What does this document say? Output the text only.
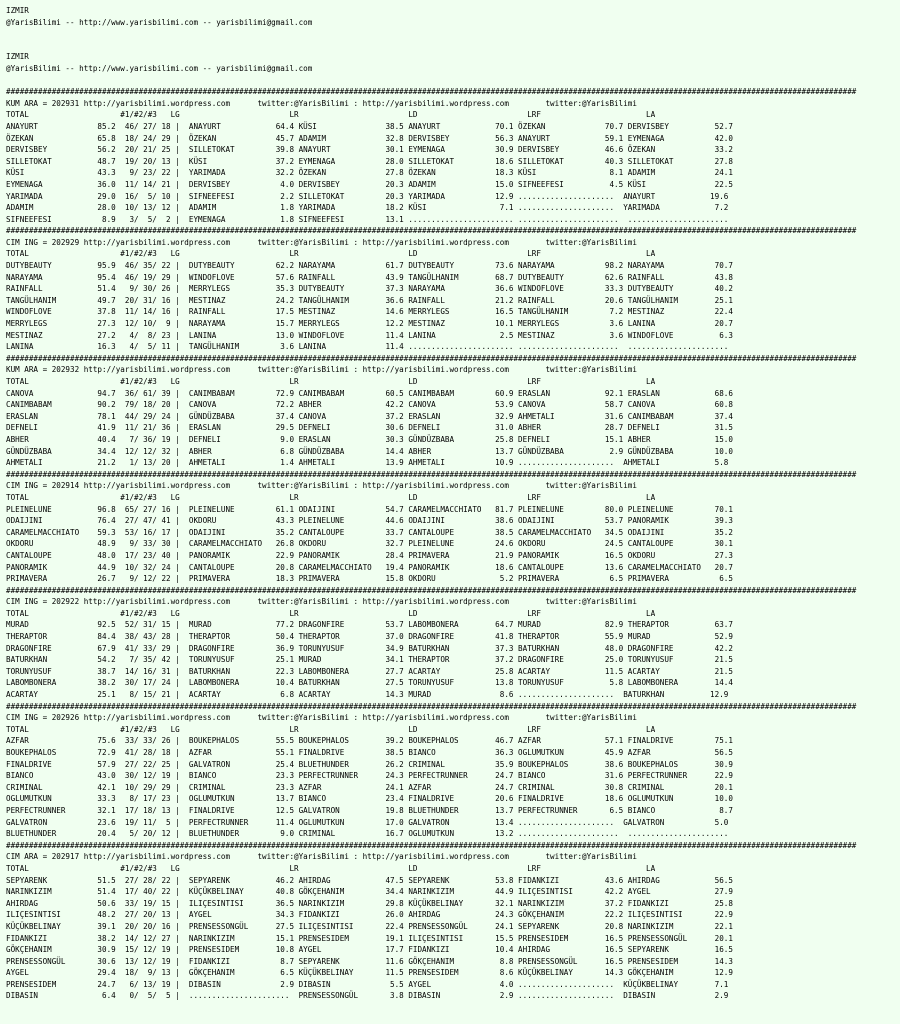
IZMIR
@YarisBilimi -- http://www.yarisbilimi.com -- yarisbilimi@gmail.com
IZMIR
@YarisBilimi -- http://www.yarisbilimi.com -- yarisbilimi@gmail.com
##########################################################################################################################################################################################
KUM ARA = 202931 http://yarisbilimi.wordpress.com      twitter:@YarisBilimi : http://yarisbilimi.wordpress.com        twitter:@YarisBilimi
TOTAL                    #1/#2/#3   LG                        LR                        LD                        LRF                       LA
ANAYURT             85.2  46/ 27/ 18 |  ANAYURT            64.4 KÜSI               38.5 ANAYURT            70.1 ÖZEKAN             70.7 DERVISBEY          52.7
ÖZEKAN              65.8  18/ 24/ 29 |  ÖZEKAN             45.7 ADAMIM             32.8 DERVISBEY          56.3 ANAYURT            59.1 EYMENAGA           42.0
DERVISBEY           56.2  20/ 21/ 25 |  SILLETOKAT         39.8 ANAYURT            30.1 EYMENAGA           30.9 DERVISBEY          46.6 ÖZEKAN             33.2
SILLETOKAT          48.7  19/ 20/ 13 |  KÜSI               37.2 EYMENAGA           28.0 SILLETOKAT         18.6 SILLETOKAT         40.3 SILLETOKAT         27.8
KÜSI                43.3   9/ 23/ 22 |  YARIMADA           32.2 ÖZEKAN             27.8 ÖZEKAN             18.3 KÜSI                8.1 ADAMIM             24.1
EYMENAGA            36.0  11/ 14/ 21 |  DERVISBEY           4.0 DERVISBEY          20.3 ADAMIM             15.0 SIFNEEFESI          4.5 KÜSI               22.5
YARIMADA            29.0  16/  5/ 10 |  SIFNEEFESI          2.2 SILLETOKAT         20.3 YARIMADA           12.9 .....................  ANAYURT            19.6
ADAMIM              28.0  10/ 13/ 12 |  ADAMIM              1.8 YARIMADA           18.2 KÜSI                7.1 .....................  YARIMADA            7.2
SIFNEEFESI           8.9   3/  5/  2 |  EYMENAGA            1.8 SIFNEEFESI         13.1 ....................... ......................  ......................
##########################################################################################################################################################################################
CIM ING = 202929 http://yarisbilimi.wordpress.com      twitter:@YarisBilimi : http://yarisbilimi.wordpress.com        twitter:@YarisBilimi
TOTAL                    #1/#2/#3   LG                        LR                        LD                        LRF                       LA
DUTYBEAUTY          95.9  46/ 35/ 22 |  DUTYBEAUTY         62.2 NARAYAMA           61.7 DUTYBEAUTY         73.6 NARAYAMA           98.2 NARAYAMA           70.7
NARAYAMA            95.4  46/ 19/ 29 |  WINDOFLOVE         57.6 RAINFALL           43.9 TANGÜLHANIM        68.7 DUTYBEAUTY         62.6 RAINFALL           43.8
RAINFALL            51.4   9/ 30/ 26 |  MERRYLEGS          35.3 DUTYBEAUTY         37.3 NARAYAMA           36.6 WINDOFLOVE         33.3 DUTYBEAUTY         40.2
TANGÜLHANIM         49.7  20/ 31/ 16 |  MESTINAZ           24.2 TANGÜLHANIM        36.6 RAINFALL           21.2 RAINFALL           20.6 TANGÜLHANIM        25.1
WINDOFLOVE          37.8  11/ 14/ 16 |  RAINFALL           17.5 MESTINAZ           14.6 MERRYLEGS          16.5 TANGÜLHANIM         7.2 MESTINAZ           22.4
MERRYLEGS           27.3  12/ 10/  9 |  NARAYAMA           15.7 MERRYLEGS          12.2 MESTINAZ           10.1 MERRYLEGS           3.6 LANINA             20.7
MESTINAZ            27.2   4/  8/ 23 |  LANINA             13.0 WINDOFLOVE         11.4 LANINA              2.5 MESTINAZ            3.6 WINDOFLOVE          6.3
LANINA              16.3   4/  5/ 11 |  TANGÜLHANIM         3.6 LANINA             11.4 ....................... ......................  ......................
##########################################################################################################################################################################################
KUM ARA = 202932 http://yarisbilimi.wordpress.com      twitter:@YarisBilimi : http://yarisbilimi.wordpress.com        twitter:@YarisBilimi
TOTAL                    #1/#2/#3   LG                        LR                        LD                        LRF                       LA
CANOVA              94.7  36/ 61/ 39 |  CANIMBABAM         72.9 CANIMBABAM         60.5 CANIMBABAM         60.9 ERASLAN            92.1 ERASLAN            68.6
CANIMBABAM          90.2  79/ 18/ 20 |  CANOVA             72.2 ABHER              42.2 CANOVA             53.9 CANOVA             58.7 CANOVA             60.8
ERASLAN             78.1  44/ 29/ 24 |  GÜNDÜZBABA         37.4 CANOVA             37.2 ERASLAN            32.9 AHMETALI           31.6 CANIMBABAM         37.4
DEFNELI             41.9  11/ 21/ 36 |  ERASLAN            29.5 DEFNELI            30.6 DEFNELI            31.0 ABHER              28.7 DEFNELI            31.5
ABHER               40.4   7/ 36/ 19 |  DEFNELI             9.0 ERASLAN            30.3 GÜNDÜZBABA         25.8 DEFNELI            15.1 ABHER              15.0
GÜNDÜZBABA          34.4  12/ 12/ 32 |  ABHER               6.8 GÜNDÜZBABA         14.4 ABHER              13.7 GÜNDÜZBABA          2.9 GÜNDÜZBABA         10.0
AHMETALI            21.2   1/ 13/ 20 |  AHMETALI            1.4 AHMETALI           13.9 AHMETALI           10.9 .....................  AHMETALI            5.8
##########################################################################################################################################################################################
CIM ING = 202914 http://yarisbilimi.wordpress.com      twitter:@YarisBilimi : http://yarisbilimi.wordpress.com        twitter:@YarisBilimi
TOTAL                    #1/#2/#3   LG                        LR                        LD                        LRF                       LA
PLEINELUNE          96.8  65/ 27/ 16 |  PLEINELUNE         61.1 ODAIJINI           54.7 CARAMELMACCHIATO   81.7 PLEINELUNE         80.0 PLEINELUNE         70.1
ODAIJINI            76.4  27/ 47/ 41 |  OKDORU             43.3 PLEINELUNE         44.6 ODAIJINI           38.6 ODAIJINI           53.7 PANORAMIK          39.3
CARAMELMACCHIATO    59.3  53/ 16/ 17 |  ODAIJINI           35.2 CANTALOUPE         33.7 CANTALOUPE         38.5 CARAMELMACCHIATO   34.5 ODAIJINI           35.2
OKDORU              48.9   9/ 33/ 30 |  CARAMELMACCHIATO   26.8 OKDORU             32.7 PLEINELUNE         24.6 OKDORU             24.5 CANTALOUPE         30.1
CANTALOUPE          48.0  17/ 23/ 40 |  PANORAMIK          22.9 PANORAMIK          28.4 PRIMAVERA          21.9 PANORAMIK          16.5 OKDORU             27.3
PANORAMIK           44.9  10/ 32/ 24 |  CANTALOUPE         20.8 CARAMELMACCHIATO   19.4 PANORAMIK          18.6 CANTALOUPE         13.6 CARAMELMACCHIATO   20.7
PRIMAVERA           26.7   9/ 12/ 22 |  PRIMAVERA          18.3 PRIMAVERA          15.8 OKDORU              5.2 PRIMAVERA           6.5 PRIMAVERA           6.5
##########################################################################################################################################################################################
CIM ING = 202922 http://yarisbilimi.wordpress.com      twitter:@YarisBilimi : http://yarisbilimi.wordpress.com        twitter:@YarisBilimi
TOTAL                    #1/#2/#3   LG                        LR                        LD                        LRF                       LA
MURAD               92.5  52/ 31/ 15 |  MURAD              77.2 DRAGONFIRE         53.7 LABOMBONERA        64.7 MURAD              82.9 THERAPTOR          63.7
THERAPTOR           84.4  38/ 43/ 28 |  THERAPTOR          50.4 THERAPTOR          37.0 DRAGONFIRE         41.8 THERAPTOR          55.9 MURAD              52.9
DRAGONFIRE          67.9  41/ 33/ 29 |  DRAGONFIRE         36.9 TORUNYUSUF         34.9 BATURKHAN          37.3 BATURKHAN          48.0 DRAGONFIRE         42.2
BATURKHAN           54.2   7/ 35/ 42 |  TORUNYUSUF         25.1 MURAD              34.1 THERAPTOR          37.2 DRAGONFIRE         25.0 TORUNYUSUF         21.5
TORUNYUSUF          38.7  14/ 16/ 31 |  BATURKHAN          22.3 LABOMBONERA        27.7 ACARTAY            25.8 ACARTAY            11.5 ACARTAY            21.5
LABOMBONERA         38.2  30/ 17/ 24 |  LABOMBONERA        10.4 BATURKHAN          27.5 TORUNYUSUF         13.8 TORUNYUSUF          5.8 LABOMBONERA        14.4
ACARTAY             25.1   8/ 15/ 21 |  ACARTAY             6.8 ACARTAY            14.3 MURAD               8.6 .....................  BATURKHAN          12.9
##########################################################################################################################################################################################
CIM ING = 202926 http://yarisbilimi.wordpress.com      twitter:@YarisBilimi : http://yarisbilimi.wordpress.com        twitter:@YarisBilimi
TOTAL                    #1/#2/#3   LG                        LR                        LD                        LRF                       LA
AZFAR               75.6  33/ 33/ 26 |  BOUKEPHALOS        55.5 BOUKEPHALOS        39.2 BOUKEPHALOS        46.7 AZFAR              57.1 FINALDRIVE         75.1
BOUKEPHALOS         72.9  41/ 28/ 18 |  AZFAR              55.1 FINALDRIVE         38.5 BIANCO             36.3 OGLUMUTKUN         45.9 AZFAR              56.5
FINALDRIVE          57.9  27/ 22/ 25 |  GALVATRON          25.4 BLUETHUNDER        26.2 CRIMINAL           35.9 BOUKEPHALOS        38.6 BOUKEPHALOS        30.9
BIANCO              43.0  30/ 12/ 19 |  BIANCO             23.3 PERFECTRUNNER      24.3 PERFECTRUNNER      24.7 BIANCO             31.6 PERFECTRUNNER      22.9
CRIMINAL            42.1  10/ 29/ 29 |  CRIMINAL           23.3 AZFAR              24.1 AZFAR              24.7 CRIMINAL           30.8 CRIMINAL           20.1
OGLUMUTKUN          33.3   8/ 17/ 23 |  OGLUMUTKUN         13.7 BIANCO             23.4 FINALDRIVE         20.6 FINALDRIVE         18.6 OGLUMUTKUN         10.0
PERFECTRUNNER       32.1  17/ 18/ 13 |  FINALDRIVE         12.5 GALVATRON          19.8 BLUETHUNDER        13.7 PERFECTRUNNER       6.5 BIANCO              8.7
GALVATRON           23.6  19/ 11/  5 |  PERFECTRUNNER      11.4 OGLUMUTKUN         17.0 GALVATRON          13.4 .....................  GALVATRON           5.0
BLUETHUNDER         20.4   5/ 20/ 12 |  BLUETHUNDER         9.0 CRIMINAL           16.7 OGLUMUTKUN         13.2 ......................  ......................
##########################################################################################################################################################################################
CIM ARA = 202917 http://yarisbilimi.wordpress.com      twitter:@YarisBilimi : http://yarisbilimi.wordpress.com        twitter:@YarisBilimi
TOTAL                    #1/#2/#3   LG                        LR                        LD                        LRF                       LA
SEPYARENK           51.5  27/ 28/ 22 |  SEPYARENK          46.2 AHIRDAG            47.5 SEPYARENK          53.8 FIDANKIZI          43.6 AHIRDAG            56.5
NARINKIZIM          51.4  17/ 40/ 22 |  KÜÇÜKBELINAY       40.8 GÖKÇEHANIM         34.4 NARINKIZIM         44.9 ILIÇESINTISI       42.2 AYGEL              27.9
AHIRDAG             50.6  33/ 19/ 15 |  ILIÇESINTISI       36.5 NARINKIZIM         29.8 KÜÇÜKBELINAY       32.1 NARINKIZIM         37.2 FIDANKIZI          25.8
ILIÇESINTISI        48.2  27/ 20/ 13 |  AYGEL              34.3 FIDANKIZI          26.0 AHIRDAG            24.3 GÖKÇEHANIM         22.2 ILIÇESINTISI       22.9
KÜÇÜKBELINAY        39.1  20/ 20/ 16 |  PRENSESSONGÜL      27.5 ILIÇESINTISI       22.4 PRENSESSONGÜL      24.1 SEPYARENK          20.8 NARINKIZIM         22.1
FIDANKIZI           38.2  14/ 12/ 27 |  NARINKIZIM         15.1 PRENSESIDEM        19.1 ILIÇESINTISI       15.5 PRENSESIDEM        16.5 PRENSESSONGÜL      20.1
GÖKÇEHANIM          30.9  15/ 12/ 19 |  PRENSESIDEM        10.8 AYGEL              17.7 FIDANKIZI          10.4 AHIRDAG            16.5 SEPYARENK          16.5
PRENSESSONGÜL       30.6  13/ 12/ 19 |  FIDANKIZI           8.7 SEPYARENK          11.6 GÖKÇEHANIM          8.8 PRENSESSONGÜL      16.5 PRENSESIDEM        14.3
AYGEL               29.4  18/  9/ 13 |  GÖKÇEHANIM          6.5 KÜÇÜKBELINAY       11.5 PRENSESIDEM         8.6 KÜÇÜKBELINAY       14.3 GÖKÇEHANIM         12.9
PRENSESIDEM         24.7   6/ 13/ 19 |  DIBASIN             2.9 DIBASIN             5.5 AYGEL               4.0 .....................  KÜÇÜKBELINAY        7.1
DIBASIN              6.4   0/  5/  5 |  ......................  PRENSESSONGÜL       3.8 DIBASIN             2.9 .....................  DIBASIN             2.9
